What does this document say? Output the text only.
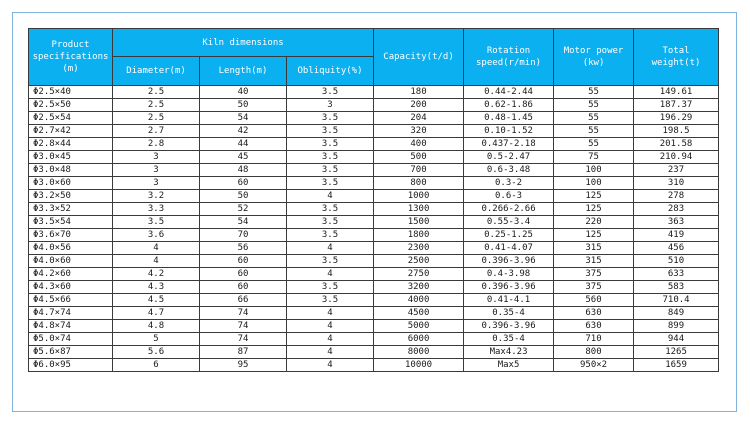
Product specifications (m)	Kiln dimensions			Capacity(t/d)	Rotation speed(r/min)	Motor power (kw)	Total weight(t)
	Diameter(m)	Length(m)	Obliquity(%)				
Φ2.5×40	2.5	40	3.5	180	0.44-2.44	55	149.61
Φ2.5×50	2.5	50	3	200	0.62-1.86	55	187.37
Φ2.5×54	2.5	54	3.5	204	0.48-1.45	55	196.29
Φ2.7×42	2.7	42	3.5	320	0.10-1.52	55	198.5
Φ2.8×44	2.8	44	3.5	400	0.437-2.18	55	201.58
Φ3.0×45	3	45	3.5	500	0.5-2.47	75	210.94
Φ3.0×48	3	48	3.5	700	0.6-3.48	100	237
Φ3.0×60	3	60	3.5	800	0.3-2	100	310
Φ3.2×50	3.2	50	4	1000	0.6-3	125	278
Φ3.3×52	3.3	52	3.5	1300	0.266-2.66	125	283
Φ3.5×54	3.5	54	3.5	1500	0.55-3.4	220	363
Φ3.6×70	3.6	70	3.5	1800	0.25-1.25	125	419
Φ4.0×56	4	56	4	2300	0.41-4.07	315	456
Φ4.0×60	4	60	3.5	2500	0.396-3.96	315	510
Φ4.2×60	4.2	60	4	2750	0.4-3.98	375	633
Φ4.3×60	4.3	60	3.5	3200	0.396-3.96	375	583
Φ4.5×66	4.5	66	3.5	4000	0.41-4.1	560	710.4
Φ4.7×74	4.7	74	4	4500	0.35-4	630	849
Φ4.8×74	4.8	74	4	5000	0.396-3.96	630	899
Φ5.0×74	5	74	4	6000	0.35-4	710	944
Φ5.6×87	5.6	87	4	8000	Max4.23	800	1265
Φ6.0×95	6	95	4	10000	Max5	950×2	1659
